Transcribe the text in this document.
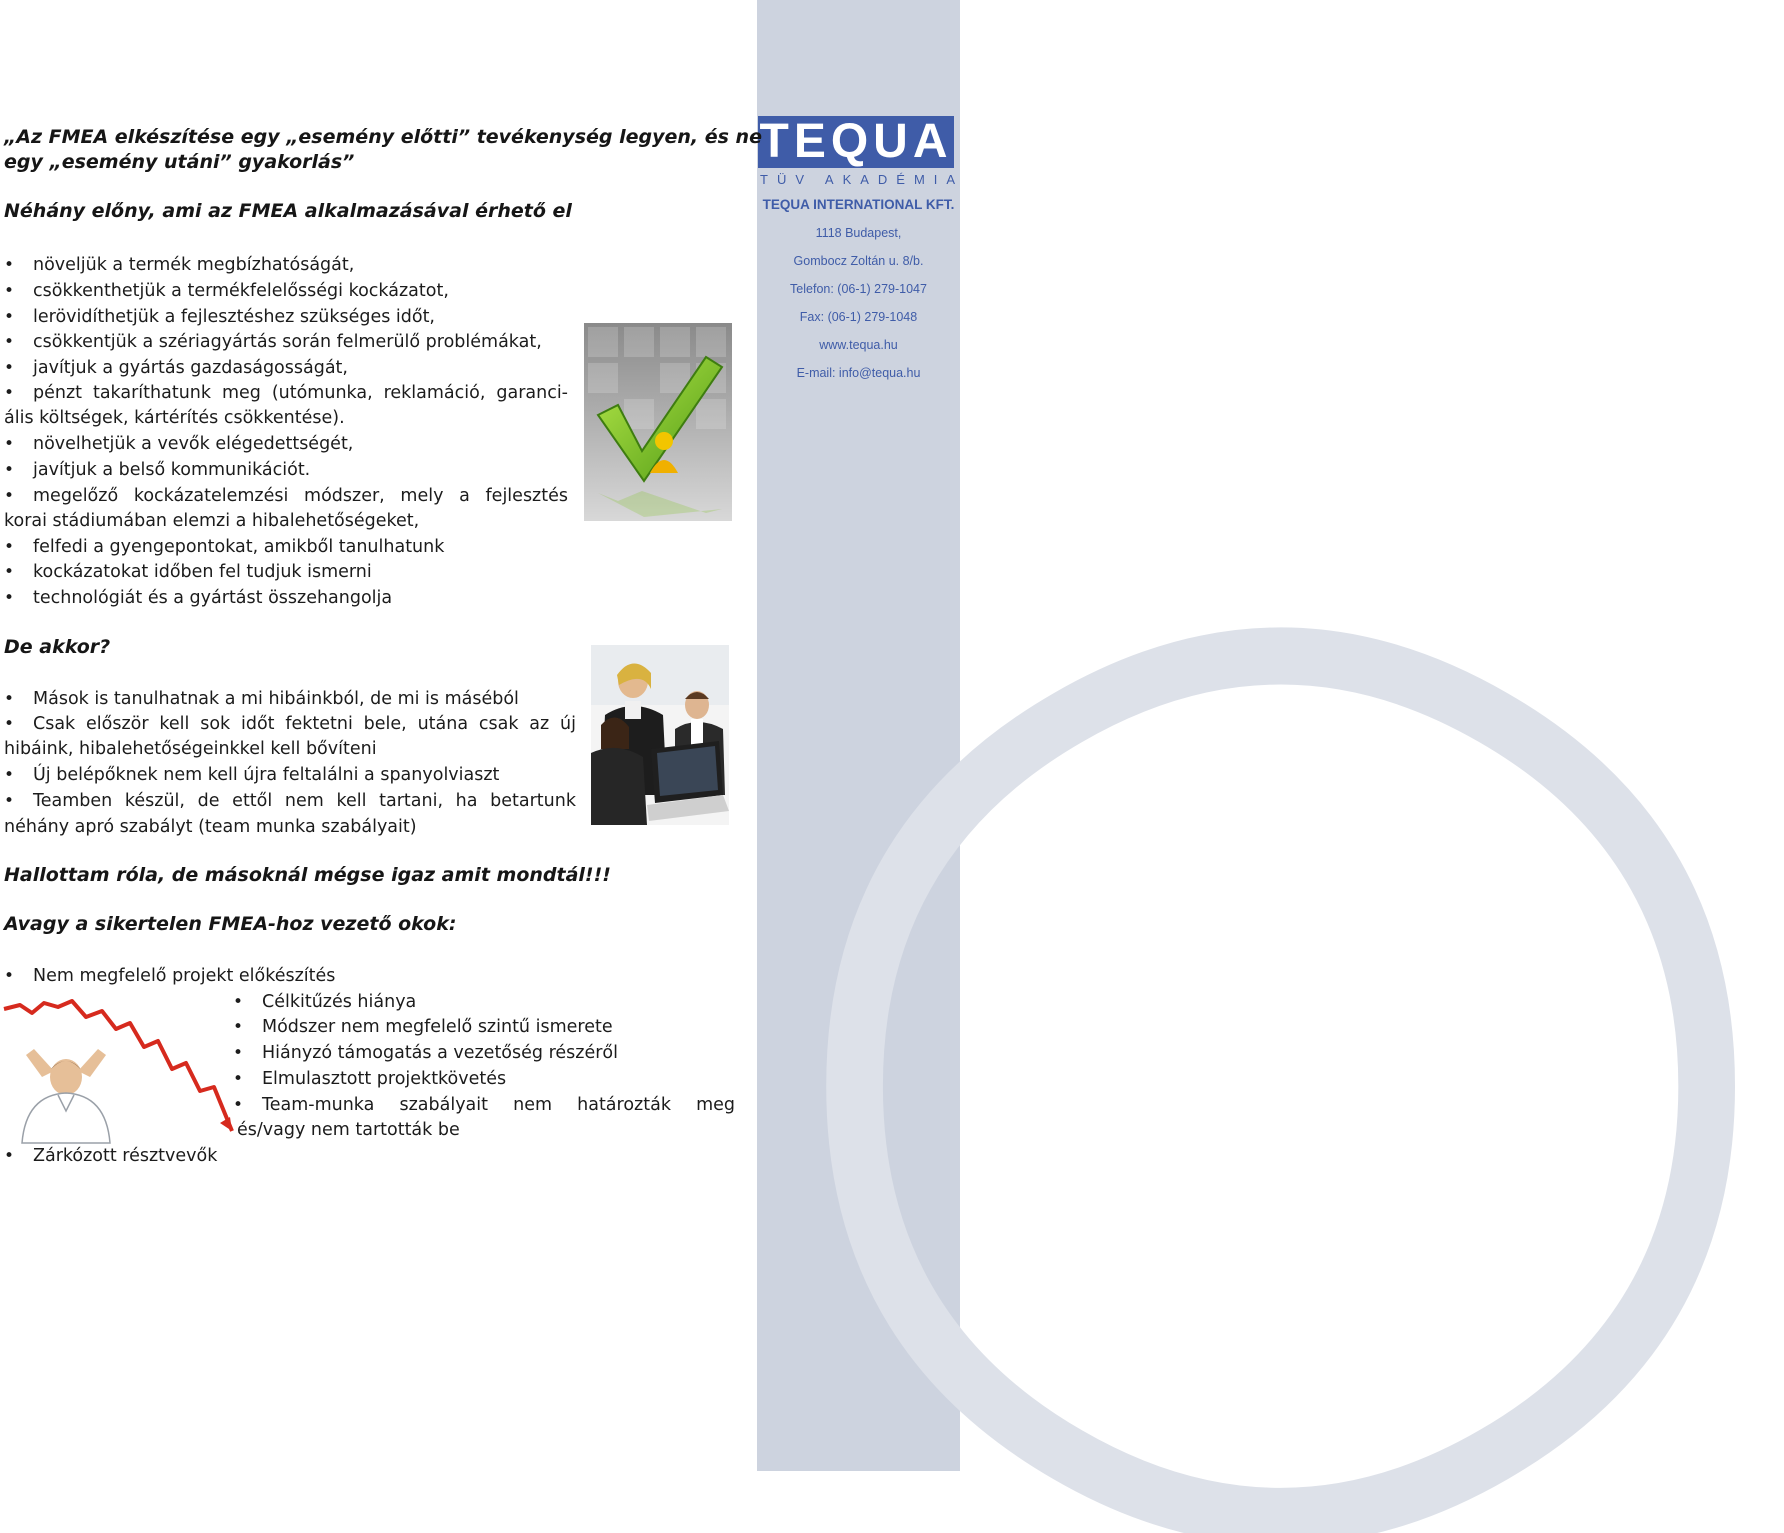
◯
TEQUA
TÜV AKADÉMIA
TEQUA INTERNATIONAL KFT.
1118 Budapest,
Gombocz Zoltán u. 8/b.
Telefon: (06-1) 279-1047
Fax: (06-1) 279-1048
www.tequa.hu
E-mail: info@tequa.hu
„Az FMEA elkészítése egy „esemény előtti” tevékenység legyen, és ne
egy „esemény utáni” gyakorlás”
Néhány előny, ami az FMEA alkalmazásával érhető el
• növeljük a termék megbízhatóságát,
• csökkenthetjük a termékfelelősségi kockázatot,
• lerövidíthetjük a fejlesztéshez szükséges időt,
• csökkentjük a szériagyártás során felmerülő problémákat,
• javítjuk a gyártás gazdaságosságát,
• pénzt takaríthatunk meg (utómunka, reklamáció, garanci-
ális költségek, kártérítés csökkentése).
• növelhetjük a vevők elégedettségét,
• javítjuk a belső kommunikációt.
• megelőző kockázatelemzési módszer, mely a fejlesztés
korai stádiumában elemzi a hibalehetőségeket,
• felfedi a gyengepontokat, amikből tanulhatunk
• kockázatokat időben fel tudjuk ismerni
• technológiát és a gyártást összehangolja
De akkor?
• Mások is tanulhatnak a mi hibáinkból, de mi is máséból
• Csak először kell sok időt fektetni bele, utána csak az új
hibáink, hibalehetőségeinkkel kell bővíteni
• Új belépőknek nem kell újra feltalálni a spanyolviaszt
• Teamben készül, de ettől nem kell tartani, ha betartunk
néhány apró szabályt (team munka szabályait)
Hallottam róla, de másoknál mégse igaz amit mondtál!!!
Avagy a sikertelen FMEA-hoz vezető okok:
• Nem megfelelő projekt előkészítés
• Célkitűzés hiánya
• Módszer nem megfelelő szintű ismerete
• Hiányzó támogatás a vezetőség részéről
• Elmulasztott projektkövetés
• Team-munka szabályait nem határozták meg
és/vagy nem tartották be
• Zárkózott résztvevők
